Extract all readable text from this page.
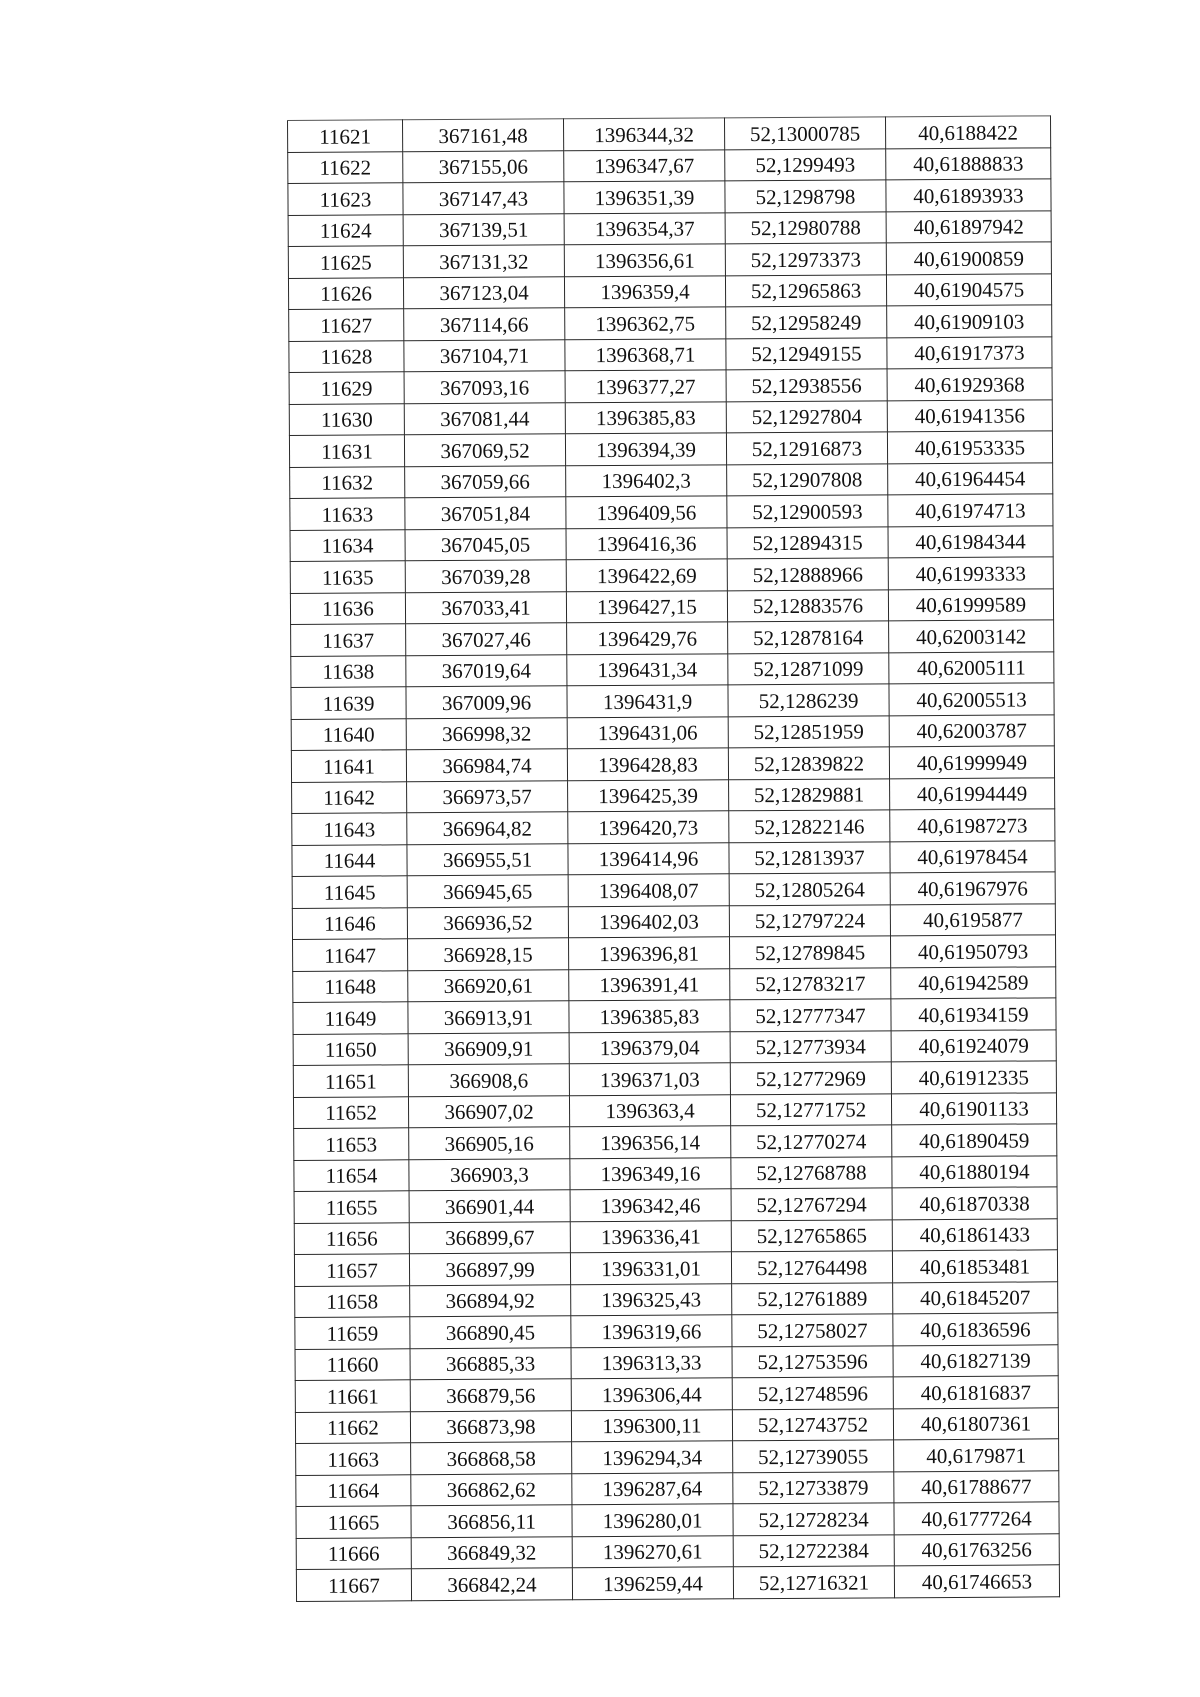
11621	367161,48	1396344,32	52,13000785	40,6188422
11622	367155,06	1396347,67	52,1299493	40,61888833
11623	367147,43	1396351,39	52,1298798	40,61893933
11624	367139,51	1396354,37	52,12980788	40,61897942
11625	367131,32	1396356,61	52,12973373	40,61900859
11626	367123,04	1396359,4	52,12965863	40,61904575
11627	367114,66	1396362,75	52,12958249	40,61909103
11628	367104,71	1396368,71	52,12949155	40,61917373
11629	367093,16	1396377,27	52,12938556	40,61929368
11630	367081,44	1396385,83	52,12927804	40,61941356
11631	367069,52	1396394,39	52,12916873	40,61953335
11632	367059,66	1396402,3	52,12907808	40,61964454
11633	367051,84	1396409,56	52,12900593	40,61974713
11634	367045,05	1396416,36	52,12894315	40,61984344
11635	367039,28	1396422,69	52,12888966	40,61993333
11636	367033,41	1396427,15	52,12883576	40,61999589
11637	367027,46	1396429,76	52,12878164	40,62003142
11638	367019,64	1396431,34	52,12871099	40,62005111
11639	367009,96	1396431,9	52,1286239	40,62005513
11640	366998,32	1396431,06	52,12851959	40,62003787
11641	366984,74	1396428,83	52,12839822	40,61999949
11642	366973,57	1396425,39	52,12829881	40,61994449
11643	366964,82	1396420,73	52,12822146	40,61987273
11644	366955,51	1396414,96	52,12813937	40,61978454
11645	366945,65	1396408,07	52,12805264	40,61967976
11646	366936,52	1396402,03	52,12797224	40,6195877
11647	366928,15	1396396,81	52,12789845	40,61950793
11648	366920,61	1396391,41	52,12783217	40,61942589
11649	366913,91	1396385,83	52,12777347	40,61934159
11650	366909,91	1396379,04	52,12773934	40,61924079
11651	366908,6	1396371,03	52,12772969	40,61912335
11652	366907,02	1396363,4	52,12771752	40,61901133
11653	366905,16	1396356,14	52,12770274	40,61890459
11654	366903,3	1396349,16	52,12768788	40,61880194
11655	366901,44	1396342,46	52,12767294	40,61870338
11656	366899,67	1396336,41	52,12765865	40,61861433
11657	366897,99	1396331,01	52,12764498	40,61853481
11658	366894,92	1396325,43	52,12761889	40,61845207
11659	366890,45	1396319,66	52,12758027	40,61836596
11660	366885,33	1396313,33	52,12753596	40,61827139
11661	366879,56	1396306,44	52,12748596	40,61816837
11662	366873,98	1396300,11	52,12743752	40,61807361
11663	366868,58	1396294,34	52,12739055	40,6179871
11664	366862,62	1396287,64	52,12733879	40,61788677
11665	366856,11	1396280,01	52,12728234	40,61777264
11666	366849,32	1396270,61	52,12722384	40,61763256
11667	366842,24	1396259,44	52,12716321	40,61746653
